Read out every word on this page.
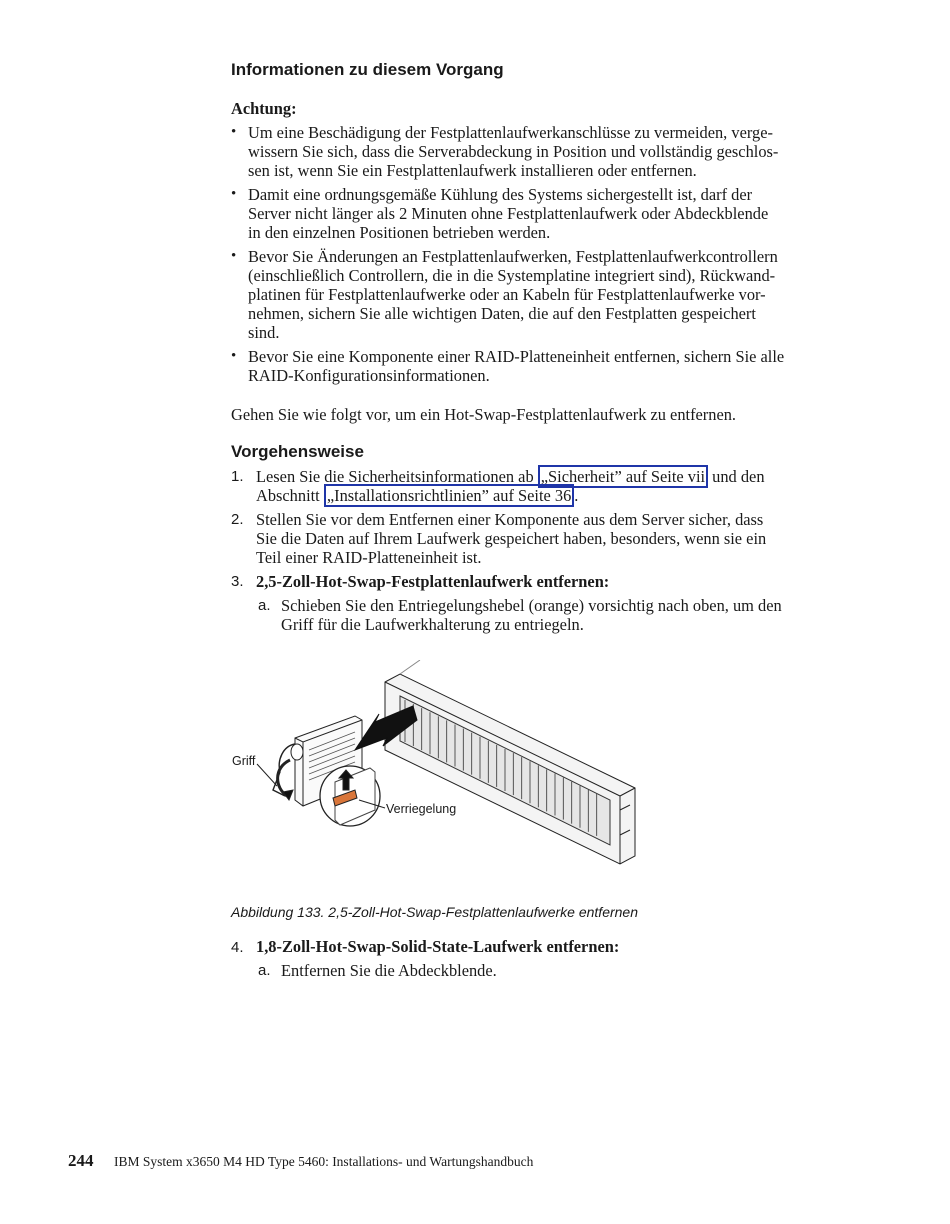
Informationen zu diesem Vorgang
Achtung:
• Um eine Beschädigung der Festplattenlaufwerkanschlüsse zu vermeiden, verge-
wissern Sie sich, dass die Serverabdeckung in Position und vollständig geschlos-
sen ist, wenn Sie ein Festplattenlaufwerk installieren oder entfernen.
• Damit eine ordnungsgemäße Kühlung des Systems sichergestellt ist, darf der
Server nicht länger als 2 Minuten ohne Festplattenlaufwerk oder Abdeckblende
in den einzelnen Positionen betrieben werden.
• Bevor Sie Änderungen an Festplattenlaufwerken, Festplattenlaufwerkcontrollern
(einschließlich Controllern, die in die Systemplatine integriert sind), Rückwand-
platinen für Festplattenlaufwerke oder an Kabeln für Festplattenlaufwerke vor-
nehmen, sichern Sie alle wichtigen Daten, die auf den Festplatten gespeichert
sind.
• Bevor Sie eine Komponente einer RAID-Platteneinheit entfernen, sichern Sie alle
RAID-Konfigurationsinformationen.
Gehen Sie wie folgt vor, um ein Hot-Swap-Festplattenlaufwerk zu entfernen.
Vorgehensweise
1. Lesen Sie die Sicherheitsinformationen ab „Sicherheit” auf Seite vii und den
Abschnitt „Installationsrichtlinien” auf Seite 36 .
2. Stellen Sie vor dem Entfernen einer Komponente aus dem Server sicher, dass
Sie die Daten auf Ihrem Laufwerk gespeichert haben, besonders, wenn sie ein
Teil einer RAID-Platteneinheit ist.
3. 2,5-Zoll-Hot-Swap-Festplattenlaufwerk entfernen:
a. Schieben Sie den Entriegelungshebel (orange) vorsichtig nach oben, um den
Griff für die Laufwerkhalterung zu entriegeln.
Griff
Verriegelung
Abbildung 133. 2,5-Zoll-Hot-Swap-Festplattenlaufwerke entfernen
4. 1,8-Zoll-Hot-Swap-Solid-State-Laufwerk entfernen:
a. Entfernen Sie die Abdeckblende.
244 IBM System x3650 M4 HD Type 5460: Installations- und Wartungshandbuch
